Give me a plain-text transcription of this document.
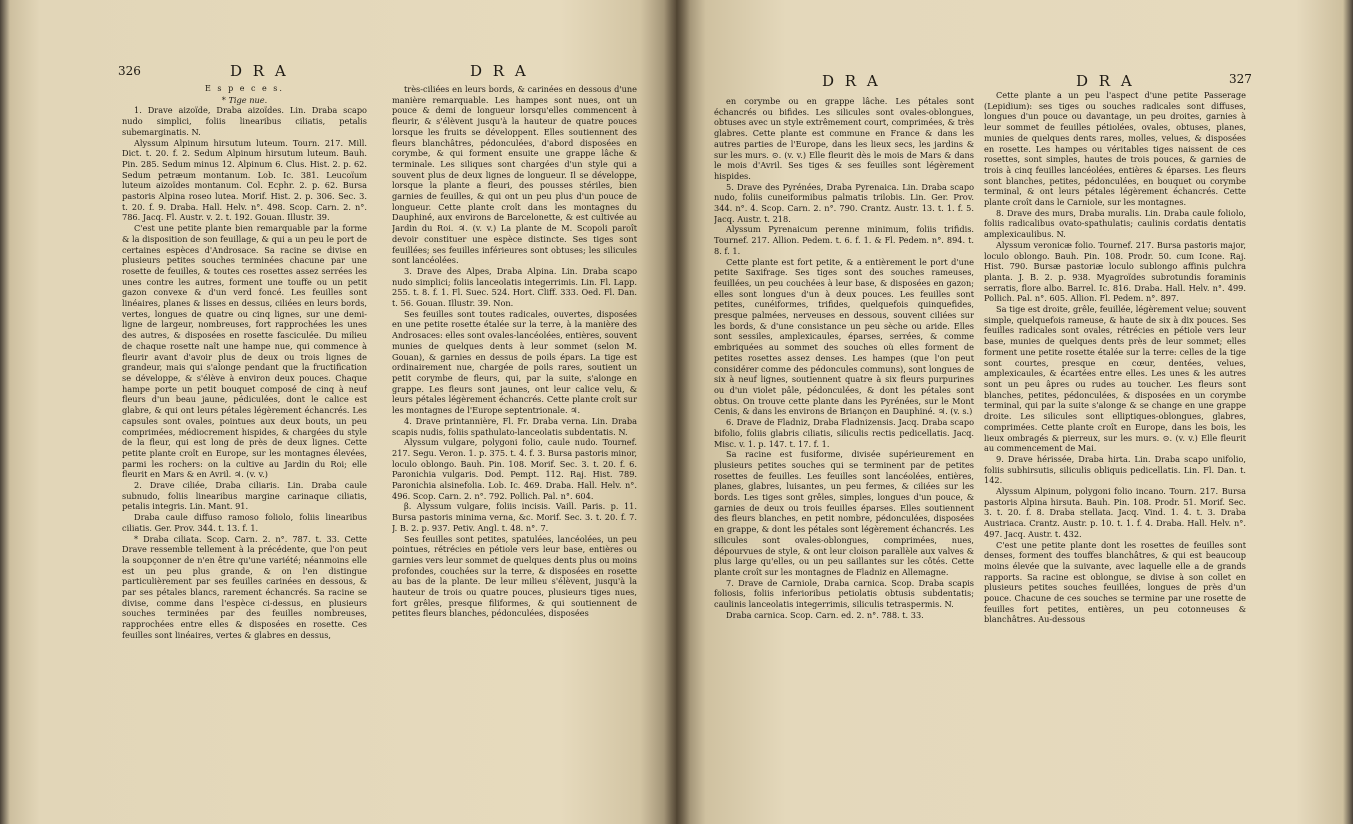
326	D R A	D R A

E s p e c e s.

* Tige nue.

1. Drave aizoïde, Draba aizoïdes. Lin. Draba scapo nudo simplici, foliis linearibus ciliatis, petalis subemarginatis. N.

Alyssum Alpinum hirsutum luteum. Tourn. 217. Mill. Dict. t. 20. f. 2. Sedum Alpinum hirsutum luteum. Bauh. Pin. 285. Sedum minus 12. Alpinum 6. Clus. Hist. 2. p. 62. Sedum petræum montanum. Lob. Ic. 381. Leucoïum luteum aizoïdes montanum. Col. Ecphr. 2. p. 62. Bursa pastoris Alpina roseo lutea. Morif. Hist. 2. p. 306. Sec. 3. t. 20. f. 9. Draba. Hall. Helv. n°. 498. Scop. Carn. 2. n°. 786. Jacq. Fl. Austr. v. 2. t. 192. Gouan. Illustr. 39.

C'est une petite plante bien remarquable par la forme & la disposition de son feuillage, & qui a un peu le port de certaines espèces d'Androsace. Sa racine se divise en plusieurs petites souches terminées chacune par une rosette de feuilles, & toutes ces rosettes assez serrées les unes contre les autres, forment une touffe ou un petit gazon convexe & d'un verd foncé. Les feuilles sont linéaires, planes & lisses en dessus, ciliées en leurs bords, vertes, longues de quatre ou cinq lignes, sur une demi-ligne de largeur, nombreuses, fort rapprochées les unes des autres, & disposées en rosette fasciculée. Du milieu de chaque rosette naît une hampe nue, qui commence à fleurir avant d'avoir plus de deux ou trois lignes de grandeur, mais qui s'alonge pendant que la fructification se développe, & s'élève à environ deux pouces. Chaque hampe porte un petit bouquet composé de cinq à neuf fleurs d'un beau jaune, pédiculées, dont le calice est glabre, & qui ont leurs pétales légèrement échancrés. Les capsules sont ovales, pointues aux deux bouts, un peu comprimées, médiocrement hispides, & chargées du style de la fleur, qui est long de près de deux lignes. Cette petite plante croît en Europe, sur les montagnes élevées, parmi les rochers: on la cultive au Jardin du Roi; elle fleurit en Mars & en Avril. ♃. (v. v.)

2. Drave ciliée, Draba ciliaris. Lin. Draba caule subnudo, foliis linearibus margine carinaque ciliatis, petalis integris. Lin. Mant. 91.

Draba caule diffuso ramoso foliolo, foliis linearibus ciliatis. Ger. Prov. 344. t. 13. f. 1.

* Draba ciliata. Scop. Carn. 2. n°. 787. t. 33. Cette Drave ressemble tellement à la précédente, que l'on peut la soupçonner de n'en être qu'une variété; néanmoins elle est un peu plus grande, & on l'en distingue particulièrement par ses feuilles carinées en dessous, & par ses pétales blancs, rarement échancrés. Sa racine se divise, comme dans l'espèce ci-dessus, en plusieurs souches terminées par des feuilles nombreuses, rapprochées entre elles & disposées en rosette. Ces feuilles sont linéaires, vertes & glabres en dessus,

très-ciliées en leurs bords, & carinées en dessous d'une manière remarquable. Les hampes sont nues, ont un pouce & demi de longueur lorsqu'elles commencent à fleurir, & s'élèvent jusqu'à la hauteur de quatre pouces lorsque les fruits se développent. Elles soutiennent des fleurs blanchâtres, pédonculées, d'abord disposées en corymbe, & qui forment ensuite une grappe lâche & terminale. Les siliques sont chargées d'un style qui a souvent plus de deux lignes de longueur. Il se développe, lorsque la plante a fleuri, des pousses stériles, bien garnies de feuilles, & qui ont un peu plus d'un pouce de longueur. Cette plante croît dans les montagnes du Dauphiné, aux environs de Barcelonette, & est cultivée au Jardin du Roi. ♃. (v. v.) La plante de M. Scopoli paroît devoir constituer une espèce distincte. Ses tiges sont feuillées; ses feuilles inférieures sont obtuses; les silicules sont lancéolées.

3. Drave des Alpes, Draba Alpina. Lin. Draba scapo nudo simplici; foliis lanceolatis integerrimis. Lin. Fl. Lapp. 255. t. 8. f. 1. Fl. Suec. 524. Hort. Cliff. 333. Oed. Fl. Dan. t. 56. Gouan. Illustr. 39. Non.

Ses feuilles sont toutes radicales, ouvertes, disposées en une petite rosette étalée sur la terre, à la manière des Androsaces: elles sont ovales-lancéolées, entières, souvent munies de quelques dents à leur sommet (selon M. Gouan), & garnies en dessus de poils épars. La tige est ordinairement nue, chargée de poils rares, soutient un petit corymbe de fleurs, qui, par la suite, s'alonge en grappe. Les fleurs sont jaunes, ont leur calice velu, & leurs pétales légèrement échancrés. Cette plante croît sur les montagnes de l'Europe septentrionale. ♃.

4. Drave printannière, Fl. Fr. Draba verna. Lin. Draba scapis nudis, foliis spathulato-lanceolatis subdentatis. N.

Alyssum vulgare, polygoni folio, caule nudo. Tournef. 217. Segu. Veron. 1. p. 375. t. 4. f. 3. Bursa pastoris minor, loculo oblongo. Bauh. Pin. 108. Morif. Sec. 3. t. 20. f. 6. Paronichia vulgaris. Dod. Pempt. 112. Raj. Hist. 789. Paronichia alsinefolia. Lob. Ic. 469. Draba. Hall. Helv. n°. 496. Scop. Carn. 2. n°. 792. Pollich. Pal. n°. 604.

β. Alyssum vulgare, foliis incisis. Vaill. Paris. p. 11. Bursa pastoris minima verna, &c. Morif. Sec. 3. t. 20. f. 7. J. B. 2. p. 937. Petiv. Angl. t. 48. n°. 7.

Ses feuilles sont petites, spatulées, lancéolées, un peu pointues, rétrécies en pétiole vers leur base, entières ou garnies vers leur sommet de quelques dents plus ou moins profondes, couchées sur la terre, & disposées en rosette au bas de la plante. De leur milieu s'élèvent, jusqu'à la hauteur de trois ou quatre pouces, plusieurs tiges nues, fort grêles, presque filiformes, & qui soutiennent de petites fleurs blanches, pédonculées, disposées

D R A	D R A	327

en corymbe ou en grappe lâche. Les pétales sont échancrés ou bifides. Les silicules sont ovales-oblongues, obtuses avec un style extrêmement court, comprimées, & très glabres. Cette plante est commune en France & dans les autres parties de l'Europe, dans les lieux secs, les jardins & sur les murs. ⊙. (v. v.) Elle fleurit dès le mois de Mars & dans le mois d'Avril. Ses tiges & ses feuilles sont légèrement hispides.

5. Drave des Pyrénées, Draba Pyrenaica. Lin. Draba scapo nudo, foliis cuneiformibus palmatis trilobis. Lin. Ger. Prov. 344. n°. 4. Scop. Carn. 2. n°. 790. Crantz. Austr. 13. t. 1. f. 5. Jacq. Austr. t. 218.

Alyssum Pyrenaicum perenne minimum, foliis trifidis. Tournef. 217. Allion. Pedem. t. 6. f. 1. & Fl. Pedem. n°. 894. t. 8. f. 1.

Cette plante est fort petite, & a entièrement le port d'une petite Saxifrage. Ses tiges sont des souches rameuses, feuillées, un peu couchées à leur base, & disposées en gazon; elles sont longues d'un à deux pouces. Les feuilles sont petites, cunéiformes, trifides, quelquefois quinquefides, presque palmées, nerveuses en dessous, souvent ciliées sur les bords, & d'une consistance un peu sèche ou aride. Elles sont sessiles, amplexicaules, éparses, serrées, & comme embriquées au sommet des souches où elles forment de petites rosettes assez denses. Les hampes (que l'on peut considérer comme des pédoncules communs), sont longues de six à neuf lignes, soutiennent quatre à six fleurs purpurines ou d'un violet pâle, pédonculées, & dont les pétales sont obtus. On trouve cette plante dans les Pyrénées, sur le Mont Cenis, & dans les environs de Briançon en Dauphiné. ♃. (v. s.)

6. Drave de Fladniz, Draba Fladnizensis. Jacq. Draba scapo bifolio, foliis glabris ciliatis, siliculis rectis pedicellatis. Jacq. Misc. v. 1. p. 147. t. 17. f. 1.

Sa racine est fusiforme, divisée supérieurement en plusieurs petites souches qui se terminent par de petites rosettes de feuilles. Les feuilles sont lancéolées, entières, planes, glabres, luisantes, un peu fermes, & ciliées sur les bords. Les tiges sont grêles, simples, longues d'un pouce, & garnies de deux ou trois feuilles éparses. Elles soutiennent des fleurs blanches, en petit nombre, pédonculées, disposées en grappe, & dont les pétales sont légèrement échancrés. Les silicules sont ovales-oblongues, comprimées, nues, dépourvues de style, & ont leur cloison parallèle aux valves & plus large qu'elles, ou un peu saillantes sur les côtés. Cette plante croît sur les montagnes de Fladniz en Allemagne.

7. Drave de Carniole, Draba carnica. Scop. Draba scapis foliosis, foliis inferioribus petiolatis obtusis subdentatis; caulinis lanceolatis integerrimis, siliculis tetraspermis. N.

Draba carnica. Scop. Carn. ed. 2. n°. 788. t. 33.

Cette plante a un peu l'aspect d'une petite Passerage (Lepidium): ses tiges ou souches radicales sont diffuses, longues d'un pouce ou davantage, un peu droites, garnies à leur sommet de feuilles pétiolées, ovales, obtuses, planes, munies de quelques dents rares, molles, velues, & disposées en rosette. Les hampes ou véritables tiges naissent de ces rosettes, sont simples, hautes de trois pouces, & garnies de trois à cinq feuilles lancéolées, entières & éparses. Les fleurs sont blanches, petites, pédonculées, en bouquet ou corymbe terminal, & ont leurs pétales légèrement échancrés. Cette plante croît dans le Carniole, sur les montagnes.

8. Drave des murs, Draba muralis. Lin. Draba caule foliolo, foliis radicalibus ovato-spathulatis; caulinis cordatis dentatis amplexicaulibus. N.

Alyssum veronicæ folio. Tournef. 217. Bursa pastoris major, loculo oblongo. Bauh. Pin. 108. Prodr. 50. cum Icone. Raj. Hist. 790. Bursæ pastoriæ loculo sublongo affinis pulchra planta. J. B. 2. p. 938. Myagroïdes subrotundis foraminis serratis, flore albo. Barrel. Ic. 816. Draba. Hall. Helv. n°. 499. Pollich. Pal. n°. 605. Allion. Fl. Pedem. n°. 897.

Sa tige est droite, grêle, feuillée, légèrement velue; souvent simple, quelquefois rameuse, & haute de six à dix pouces. Ses feuilles radicales sont ovales, rétrécies en pétiole vers leur base, munies de quelques dents près de leur sommet; elles forment une petite rosette étalée sur la terre: celles de la tige sont courtes, presque en cœur, dentées, velues, amplexicaules, & écartées entre elles. Les unes & les autres sont un peu âpres ou rudes au toucher. Les fleurs sont blanches, petites, pédonculées, & disposées en un corymbe terminal, qui par la suite s'alonge & se change en une grappe droite. Les silicules sont elliptiques-oblongues, glabres, comprimées. Cette plante croît en Europe, dans les bois, les lieux ombragés & pierreux, sur les murs. ⊙. (v. v.) Elle fleurit au commencement de Mai.

9. Drave hérissée, Draba hirta. Lin. Draba scapo unifolio, foliis subhirsutis, siliculis obliquis pedicellatis. Lin. Fl. Dan. t. 142.

Alyssum Alpinum, polygoni folio incano. Tourn. 217. Bursa pastoris Alpina hirsuta. Bauh. Pin. 108. Prodr. 51. Morif. Sec. 3. t. 20. f. 8. Draba stellata. Jacq. Vind. 1. 4. t. 3. Draba Austriaca. Crantz. Austr. p. 10. t. 1. f. 4. Draba. Hall. Helv. n°. 497. Jacq. Austr. t. 432.

C'est une petite plante dont les rosettes de feuilles sont denses, forment des touffes blanchâtres, & qui est beaucoup moins élevée que la suivante, avec laquelle elle a de grands rapports. Sa racine est oblongue, se divise à son collet en plusieurs petites souches feuillées, longues de près d'un pouce. Chacune de ces souches se termine par une rosette de feuilles fort petites, entières, un peu cotonneuses & blanchâtres. Au-dessous
